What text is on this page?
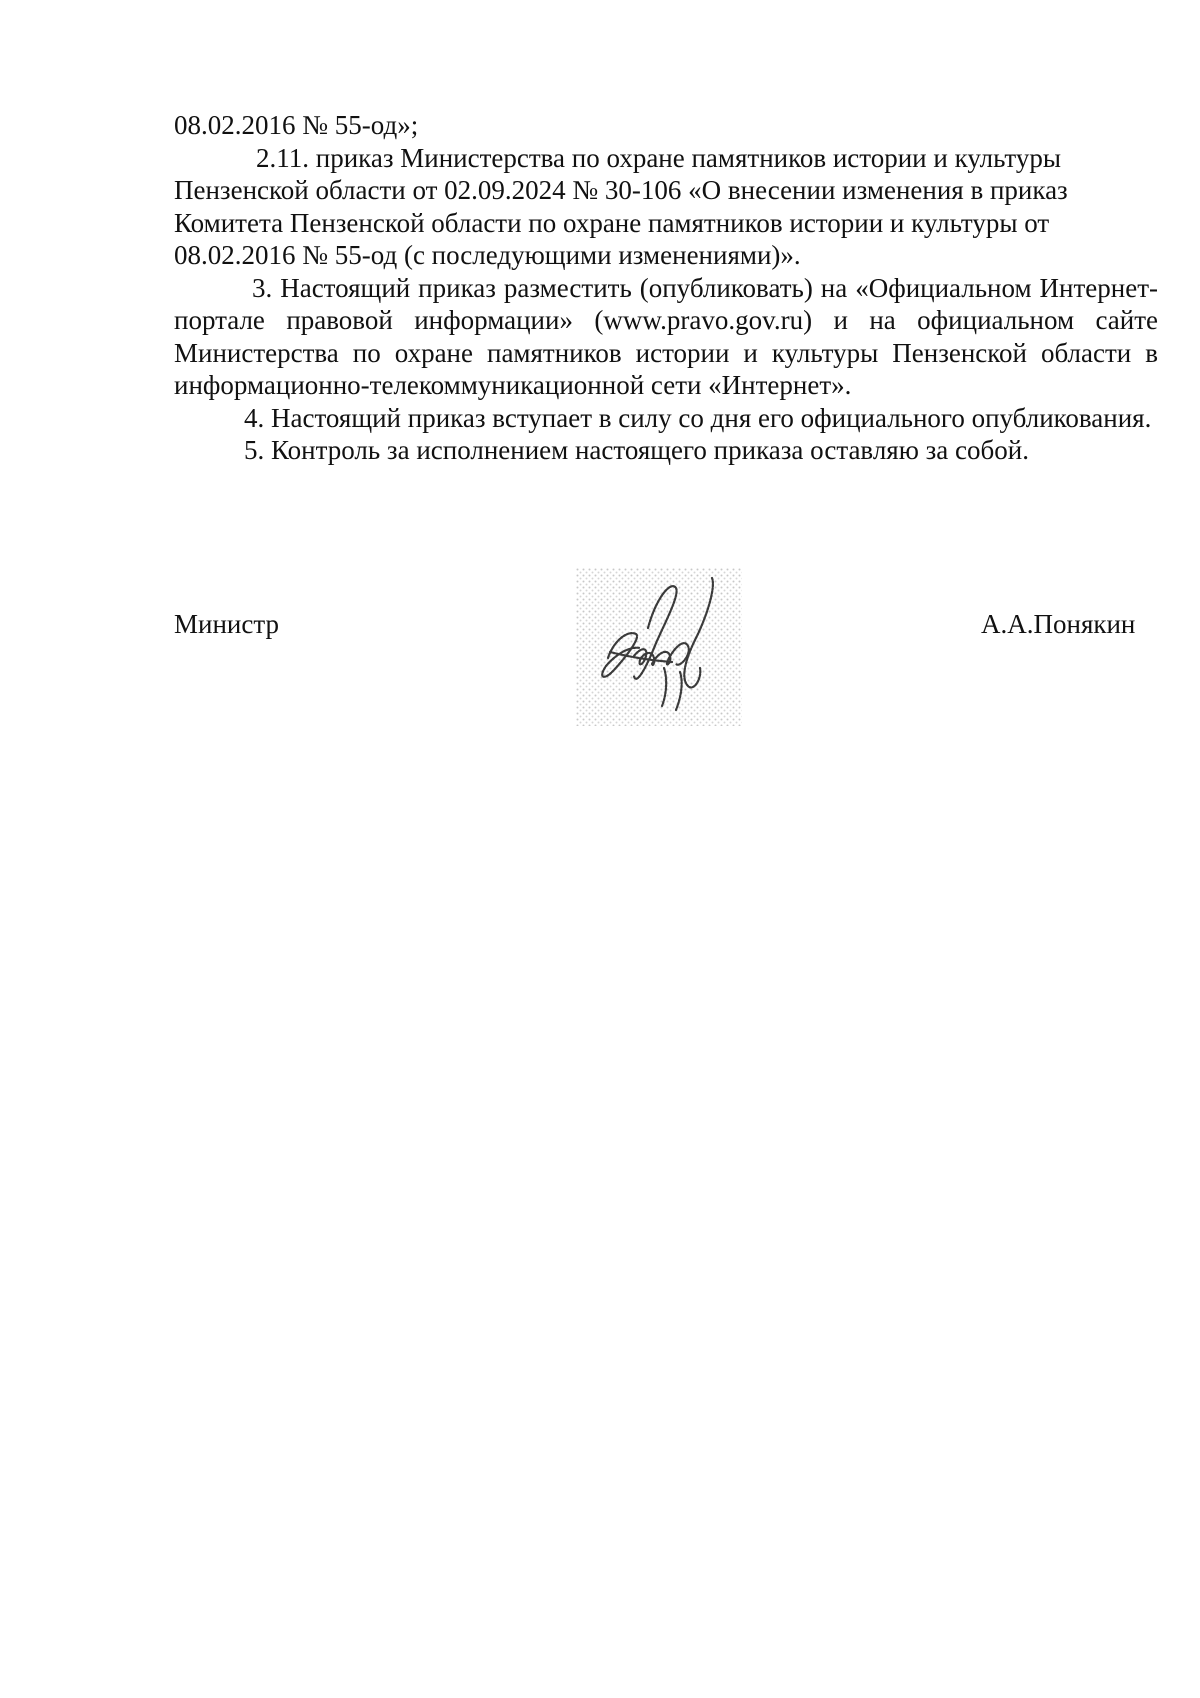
08.02.2016 № 55-од»;

2.11. приказ Министерства по охране памятников истории и культуры Пензенской области от 02.09.2024 № 30-106 «О внесении изменения в приказ Комитета Пензенской области по охране памятников истории и культуры от 08.02.2016 № 55-од (с последующими изменениями)».

3. Настоящий приказ разместить (опубликовать) на «Официальном Интернет-портале правовой информации» (www.pravo.gov.ru) и на официальном сайте Министерства по охране памятников истории и культуры Пензенской области в информационно-телекоммуникационной сети «Интернет».

4. Настоящий приказ вступает в силу со дня его официального опубликования.

5. Контроль за исполнением настоящего приказа оставляю за собой.

Министр	А.А.Понякин
